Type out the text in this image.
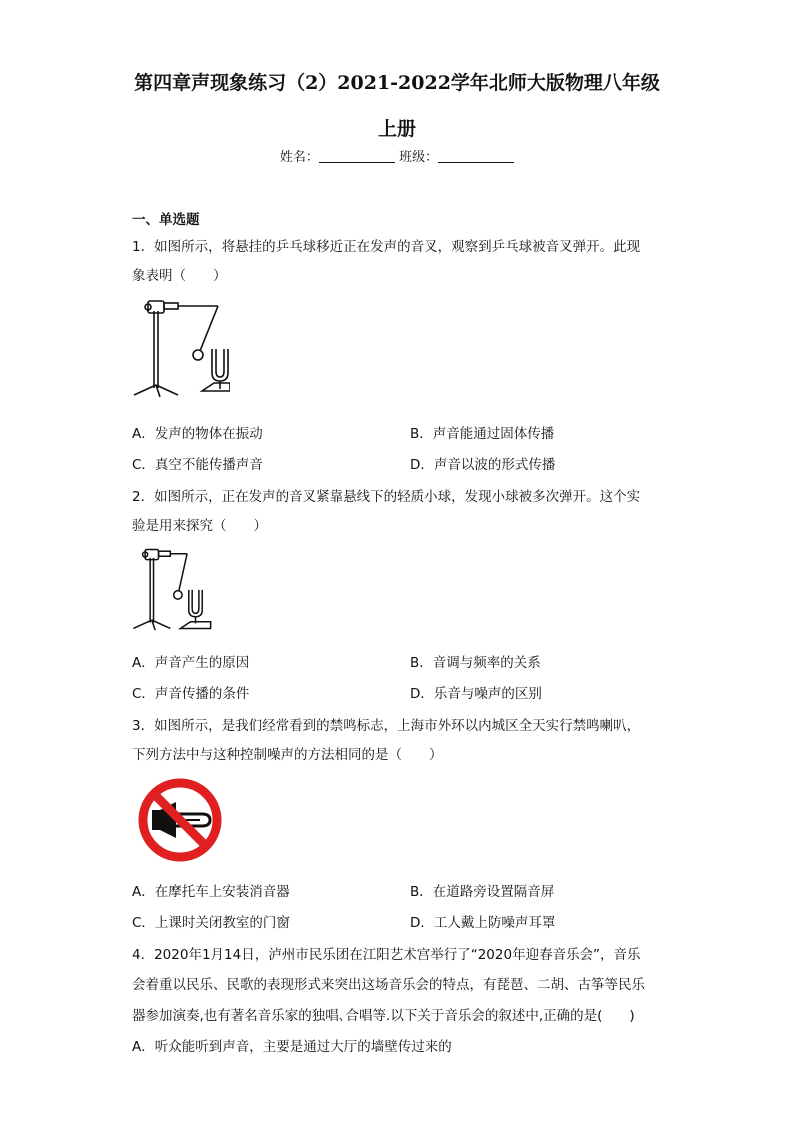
第四章声现象练习（2）2021-2022学年北师大版物理八年级
上册
姓名：	班级：
一、单选题
1．如图所示，将悬挂的乒乓球移近正在发声的音叉，观察到乒乓球被音叉弹开。此现
象表明（　　）
A．发声的物体在振动	B．声音能通过固体传播
C．真空不能传播声音	D．声音以波的形式传播
2．如图所示，正在发声的音叉紧靠悬线下的轻质小球，发现小球被多次弹开。这个实
验是用来探究（　　）
A．声音产生的原因	B．音调与频率的关系
C．声音传播的条件	D．乐音与噪声的区别
3．如图所示，是我们经常看到的禁鸣标志，上海市外环以内城区全天实行禁鸣喇叭，
下列方法中与这种控制噪声的方法相同的是（　　）
A．在摩托车上安装消音器	B．在道路旁设置隔音屏
C．上课时关闭教室的门窗	D．工人戴上防噪声耳罩
4．2020年1月14日，泸州市民乐团在江阳艺术宫举行了“2020年迎春音乐会”，音乐
会着重以民乐、民歌的表现形式来突出这场音乐会的特点，有琵琶、二胡、古筝等民乐
器参加演奏,也有著名音乐家的独唱､合唱等.以下关于音乐会的叙述中,正确的是(　　)
A．听众能听到声音，主要是通过大厅的墙壁传过来的
